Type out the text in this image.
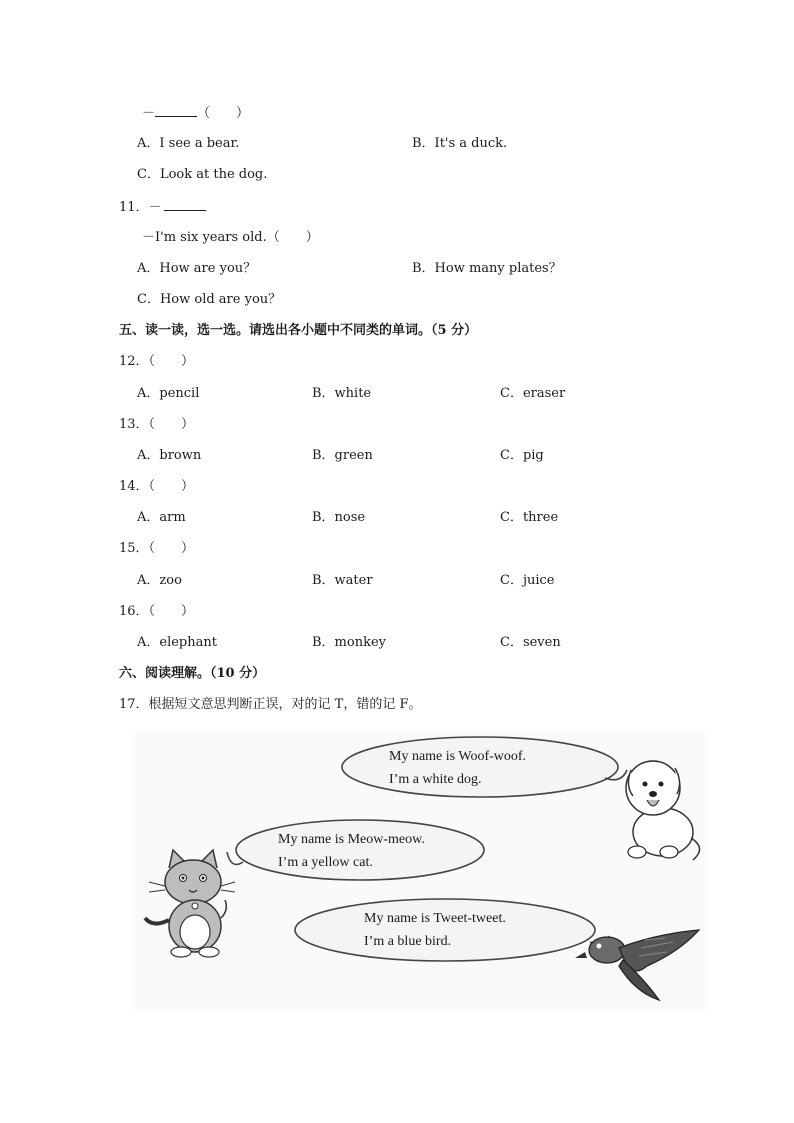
－	（　　）
A．I see a bear.	B．It's a duck.
C．Look at the dog.
11．－
－I'm six years old.（　　）
A．How are you？	B．How many plates？
C．How old are you？
五、读一读，选一选。请选出各小题中不同类的单词。（5 分）
12．（　　）
A．pencil	B．white	C．eraser
13．（　　）
A．brown	B．green	C．pig
14．（　　）
A．arm	B．nose	C．three
15．（　　）
A．zoo	B．water	C．juice
16．（　　）
A．elephant	B．monkey	C．seven
六、阅读理解。（10 分）
17．根据短文意思判断正误，对的记 T，错的记 F。
My name is Woof-woof.
I’m a white dog.
My name is Meow-meow.
I’m a yellow cat.
My name is Tweet-tweet.
I’m a blue bird.
